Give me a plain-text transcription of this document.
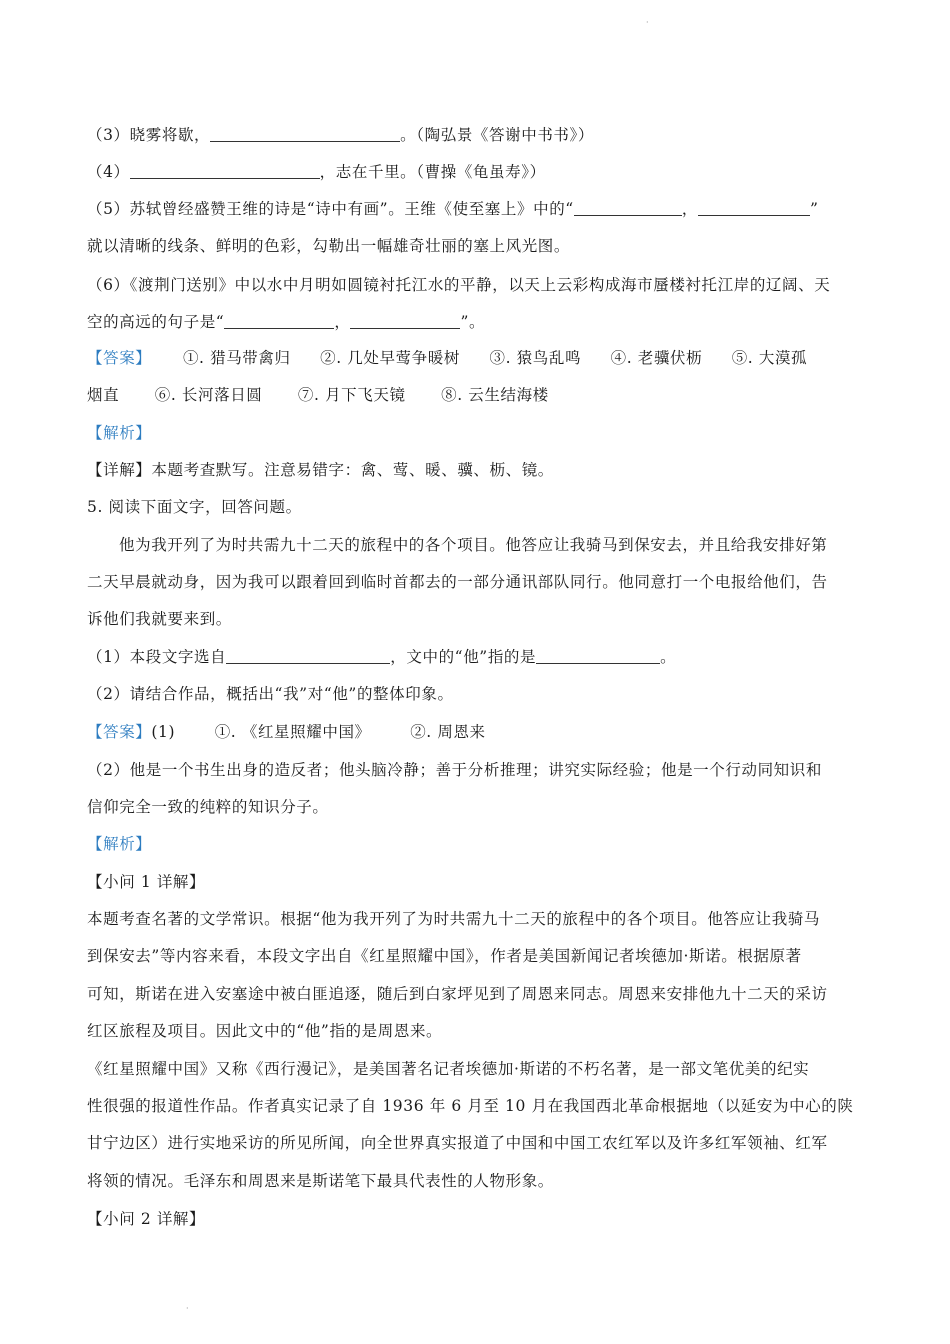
·
（3）晓雾将歇，	。（陶弘景《答谢中书书》）
（4）	，志在千里。（曹操《龟虽寿》）
（5）苏轼曾经盛赞王维的诗是“诗中有画”。王维《使至塞上》中的“	，	”
就以清晰的线条、鲜明的色彩，勾勒出一幅雄奇壮丽的塞上风光图。
（6）《渡荆门送别》中以水中月明如圆镜衬托江水的平静，以天上云彩构成海市蜃楼衬托江岸的辽阔、天
空的高远的句子是“	，	”。
【答案】 ①. 猎马带禽归 ②. 几处早莺争暖树 ③. 猿鸟乱鸣 ④. 老骥伏枥 ⑤. 大漠孤
烟直 ⑥. 长河落日圆 ⑦. 月下飞天镜 ⑧. 云生结海楼
【解析】
【详解】本题考查默写。注意易错字：禽、莺、暖、骥、枥、镜。
5. 阅读下面文字，回答问题。
他为我开列了为时共需九十二天的旅程中的各个项目。他答应让我骑马到保安去，并且给我安排好第
二天早晨就动身，因为我可以跟着回到临时首都去的一部分通讯部队同行。他同意打一个电报给他们，告
诉他们我就要来到。
（1）本段文字选自	，文中的“他”指的是	。
（2）请结合作品，概括出“我”对“他”的整体印象。
【答案】(1)	①. 《红星照耀中国》	②. 周恩来
（2）他是一个书生出身的造反者；他头脑冷静；善于分析推理；讲究实际经验；他是一个行动同知识和
信仰完全一致的纯粹的知识分子。
【解析】
【小问 1 详解】
本题考查名著的文学常识。根据“他为我开列了为时共需九十二天的旅程中的各个项目。他答应让我骑马
到保安去”等内容来看，本段文字出自《红星照耀中国》，作者是美国新闻记者埃德加·斯诺。根据原著
可知，斯诺在进入安塞途中被白匪追逐，随后到白家坪见到了周恩来同志。周恩来安排他九十二天的采访
红区旅程及项目。因此文中的“他”指的是周恩来。
《红星照耀中国》又称《西行漫记》，是美国著名记者埃德加·斯诺的不朽名著，是一部文笔优美的纪实
性很强的报道性作品。作者真实记录了自 1936 年 6 月至 10 月在我国西北革命根据地（以延安为中心的陕
甘宁边区）进行实地采访的所见所闻，向全世界真实报道了中国和中国工农红军以及许多红军领袖、红军
将领的情况。毛泽东和周恩来是斯诺笔下最具代表性的人物形象。
【小问 2 详解】
·
